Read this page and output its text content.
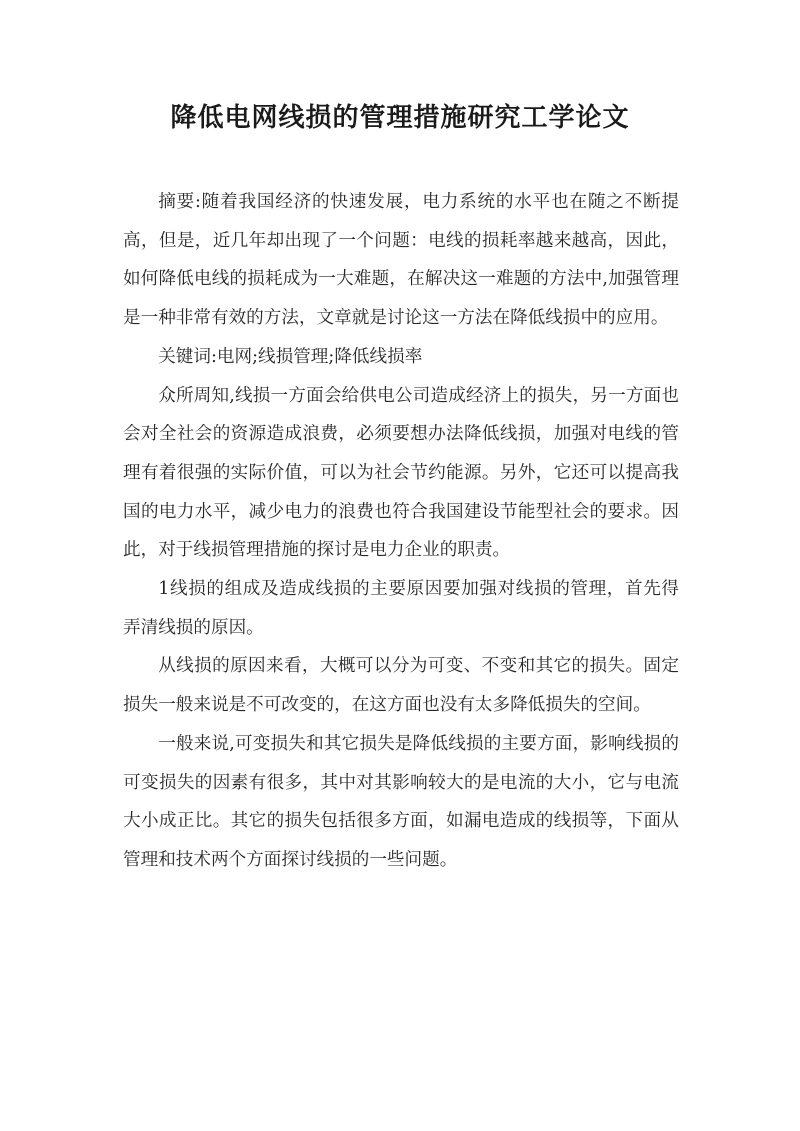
降低电网线损的管理措施研究工学论文

摘要:随着我国经济的快速发展，电力系统的水平也在随之不断提高，但是，近几年却出现了一个问题：电线的损耗率越来越高，因此，如何降低电线的损耗成为一大难题，在解决这一难题的方法中,加强管理是一种非常有效的方法，文章就是讨论这一方法在降低线损中的应用。

关键词:电网;线损管理;降低线损率

众所周知,线损一方面会给供电公司造成经济上的损失，另一方面也会对全社会的资源造成浪费，必须要想办法降低线损，加强对电线的管理有着很强的实际价值，可以为社会节约能源。另外，它还可以提高我国的电力水平，减少电力的浪费也符合我国建设节能型社会的要求。因此，对于线损管理措施的探讨是电力企业的职责。

1线损的组成及造成线损的主要原因要加强对线损的管理，首先得弄清线损的原因。

从线损的原因来看，大概可以分为可变、不变和其它的损失。固定损失一般来说是不可改变的，在这方面也没有太多降低损失的空间。

一般来说,可变损失和其它损失是降低线损的主要方面，影响线损的可变损失的因素有很多，其中对其影响较大的是电流的大小，它与电流大小成正比。其它的损失包括很多方面，如漏电造成的线损等，下面从管理和技术两个方面探讨线损的一些问题。
